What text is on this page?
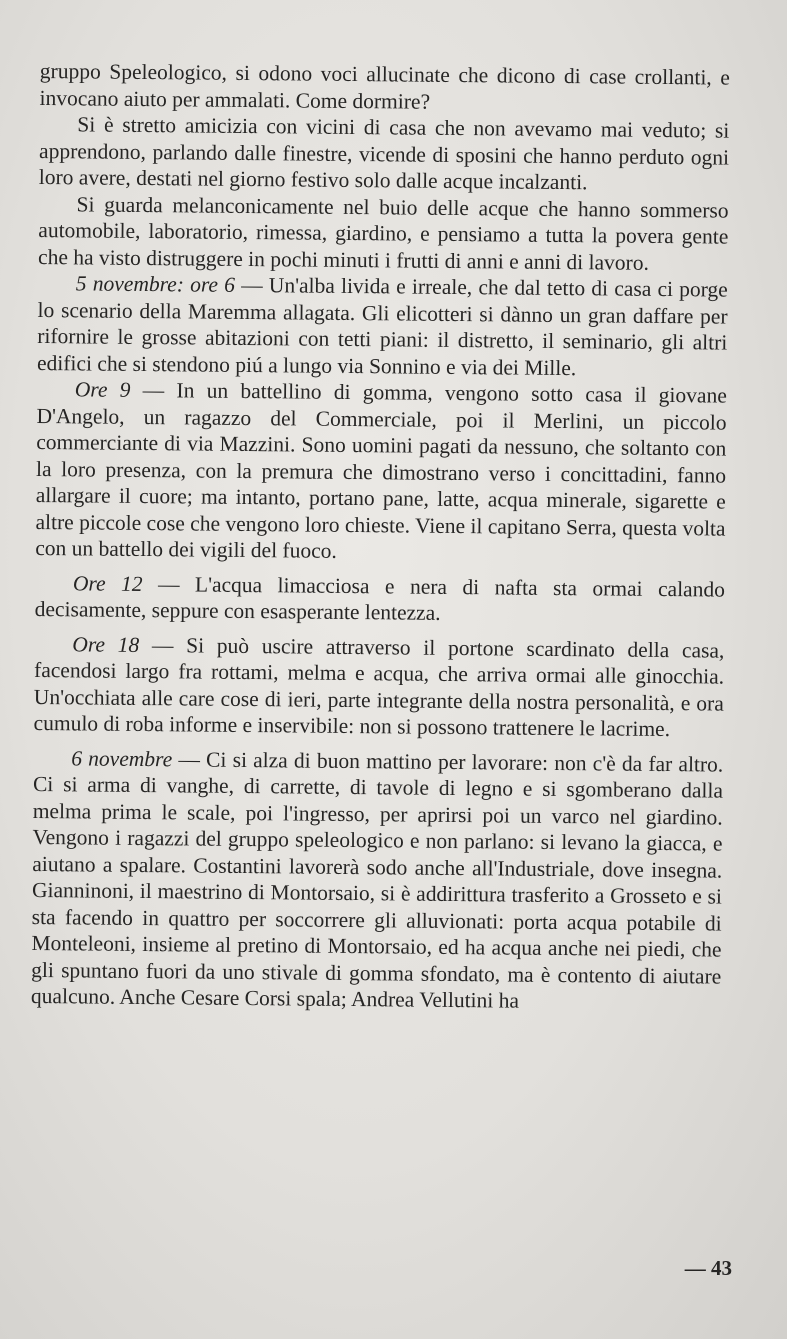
gruppo Speleologico, si odono voci allucinate che dicono di case crollanti, e invocano aiuto per ammalati. Come dormire?

Si è stretto amicizia con vicini di casa che non avevamo mai veduto; si apprendono, parlando dalle finestre, vicende di sposini che hanno perduto ogni loro avere, destati nel giorno festivo solo dalle acque incalzanti.

Si guarda melanconicamente nel buio delle acque che hanno sommerso automobile, laboratorio, rimessa, giardino, e pensiamo a tutta la povera gente che ha visto distruggere in pochi minuti i frutti di anni e anni di lavoro.

5 novembre: ore 6 — Un'alba livida e irreale, che dal tetto di casa ci porge lo scenario della Maremma allagata. Gli elicotteri si dànno un gran daffare per rifornire le grosse abitazioni con tetti piani: il distretto, il seminario, gli altri edifici che si stendono piú a lungo via Sonnino e via dei Mille.

Ore 9 — In un battellino di gomma, vengono sotto casa il giovane D'Angelo, un ragazzo del Commerciale, poi il Merlini, un piccolo commerciante di via Mazzini. Sono uomini pagati da nessuno, che soltanto con la loro presenza, con la premura che dimostrano verso i concittadini, fanno allargare il cuore; ma intanto, portano pane, latte, acqua minerale, sigarette e altre piccole cose che vengono loro chieste. Viene il capitano Serra, questa volta con un battello dei vigili del fuoco.

Ore 12 — L'acqua limacciosa e nera di nafta sta ormai calando decisamente, seppure con esasperante lentezza.

Ore 18 — Si può uscire attraverso il portone scardinato della casa, facendosi largo fra rottami, melma e acqua, che arriva ormai alle ginocchia. Un'occhiata alle care cose di ieri, parte integrante della nostra personalità, e ora cumulo di roba informe e inservibile: non si possono trattenere le lacrime.

6 novembre — Ci si alza di buon mattino per lavorare: non c'è da far altro. Ci si arma di vanghe, di carrette, di tavole di legno e si sgomberano dalla melma prima le scale, poi l'ingresso, per aprirsi poi un varco nel giardino. Vengono i ragazzi del gruppo speleologico e non parlano: si levano la giacca, e aiutano a spalare. Costantini lavorerà sodo anche all'Industriale, dove insegna. Gianninoni, il maestrino di Montorsaio, si è addirittura trasferito a Grosseto e si sta facendo in quattro per soccorrere gli alluvionati: porta acqua potabile di Monteleoni, insieme al pretino di Montorsaio, ed ha acqua anche nei piedi, che gli spuntano fuori da uno stivale di gomma sfondato, ma è contento di aiutare qualcuno. Anche Cesare Corsi spala; Andrea Vellutini ha

— 43
